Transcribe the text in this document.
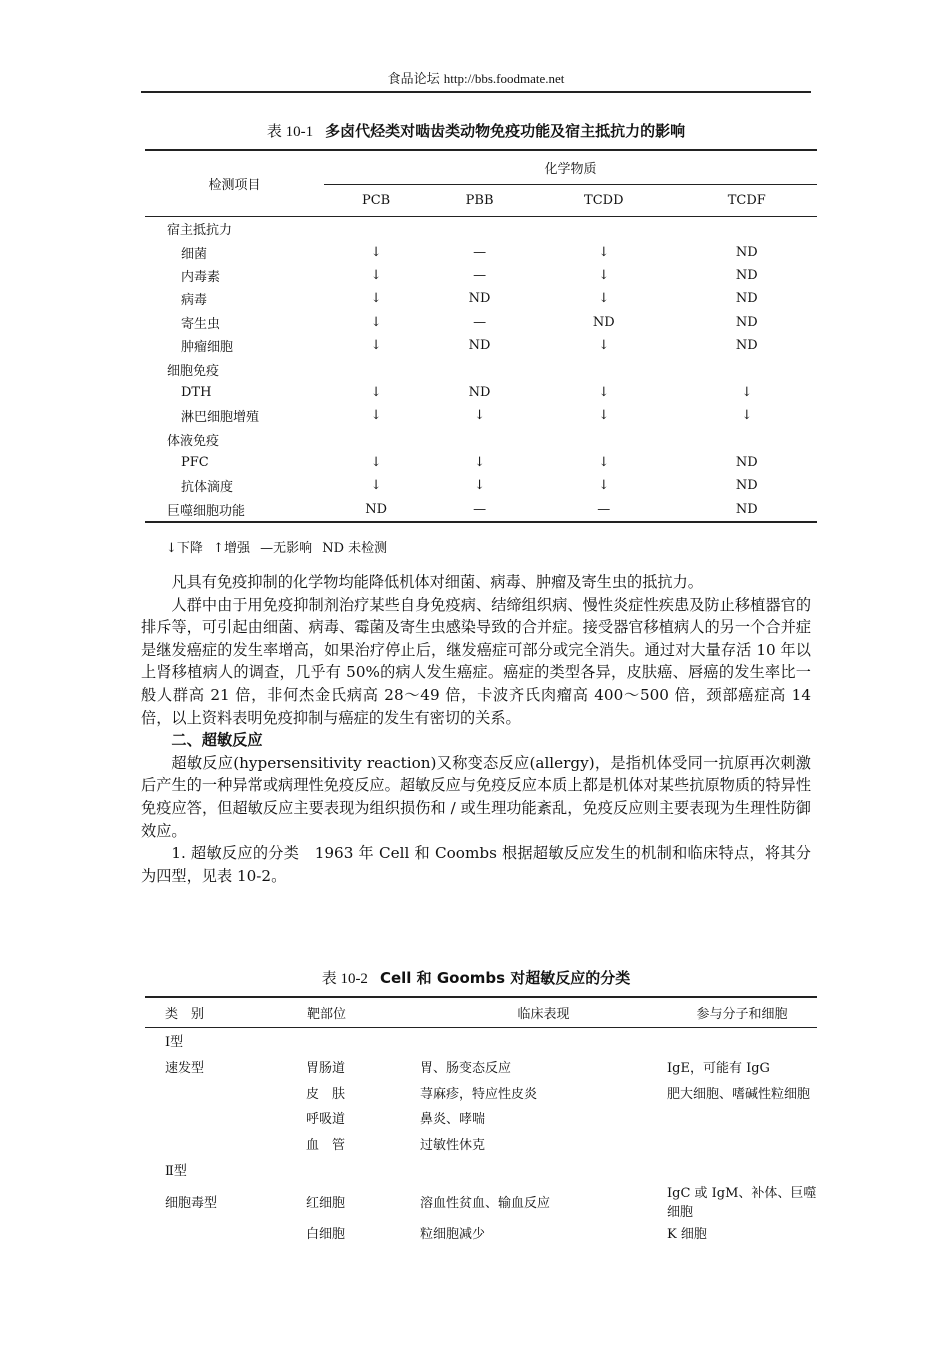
食品论坛 http://bbs.foodmate.net
表 10-1 多卤代烃类对啮齿类动物免疫功能及宿主抵抗力的影响
检测项目	化学物质			
	PCB	PBB	TCDD	TCDF
宿主抵抗力				
细菌	↓	—	↓	ND
内毒素	↓	—	↓	ND
病毒	↓	ND	↓	ND
寄生虫	↓	—	ND	ND
肿瘤细胞	↓	ND	↓	ND
细胞免疫				
DTH	↓	ND	↓	↓
淋巴细胞增殖	↓	↓	↓	↓
体液免疫				
PFC	↓	↓	↓	ND
抗体滴度	↓	↓	↓	ND
巨噬细胞功能	ND	—	—	ND
↓下降 ↑增强 —无影响 ND 未检测

凡具有免疫抑制的化学物均能降低机体对细菌、病毒、肿瘤及寄生虫的抵抗力。

人群中由于用免疫抑制剂治疗某些自身免疫病、结缔组织病、慢性炎症性疾患及防止移植器官的排斥等，可引起由细菌、病毒、霉菌及寄生虫感染导致的合并症。接受器官移植病人的另一个合并症是继发癌症的发生率增高，如果治疗停止后，继发癌症可部分或完全消失。通过对大量存活 10 年以上肾移植病人的调查，几乎有 50%的病人发生癌症。癌症的类型各异，皮肤癌、唇癌的发生率比一般人群高 21 倍，非何杰金氏病高 28～49 倍，卡波齐氏肉瘤高 400～500 倍，颈部癌症高 14 倍，以上资料表明免疫抑制与癌症的发生有密切的关系。

二、超敏反应

超敏反应(hypersensitivity reaction)又称变态反应(allergy)，是指机体受同一抗原再次刺激后产生的一种异常或病理性免疫反应。超敏反应与免疫反应本质上都是机体对某些抗原物质的特异性免疫应答，但超敏反应主要表现为组织损伤和 / 或生理功能紊乱，免疫反应则主要表现为生理性防御效应。

1. 超敏反应的分类　1963 年 Cell 和 Coombs 根据超敏反应发生的机制和临床特点，将其分为四型，见表 10-2。

表 10-2 Cell 和 Goombs 对超敏反应的分类
类　别	靶部位	临床表现	参与分子和细胞
Ⅰ型			
速发型	胃肠道	胃、肠变态反应	IgE，可能有 IgG
	皮　肤	荨麻疹，特应性皮炎	肥大细胞、嗜碱性粒细胞
	呼吸道	鼻炎、哮喘	
	血　管	过敏性休克	
Ⅱ型			
细胞毒型	红细胞	溶血性贫血、输血反应	IgC 或 IgM、补体、巨噬细胞
	白细胞	粒细胞减少	K 细胞
